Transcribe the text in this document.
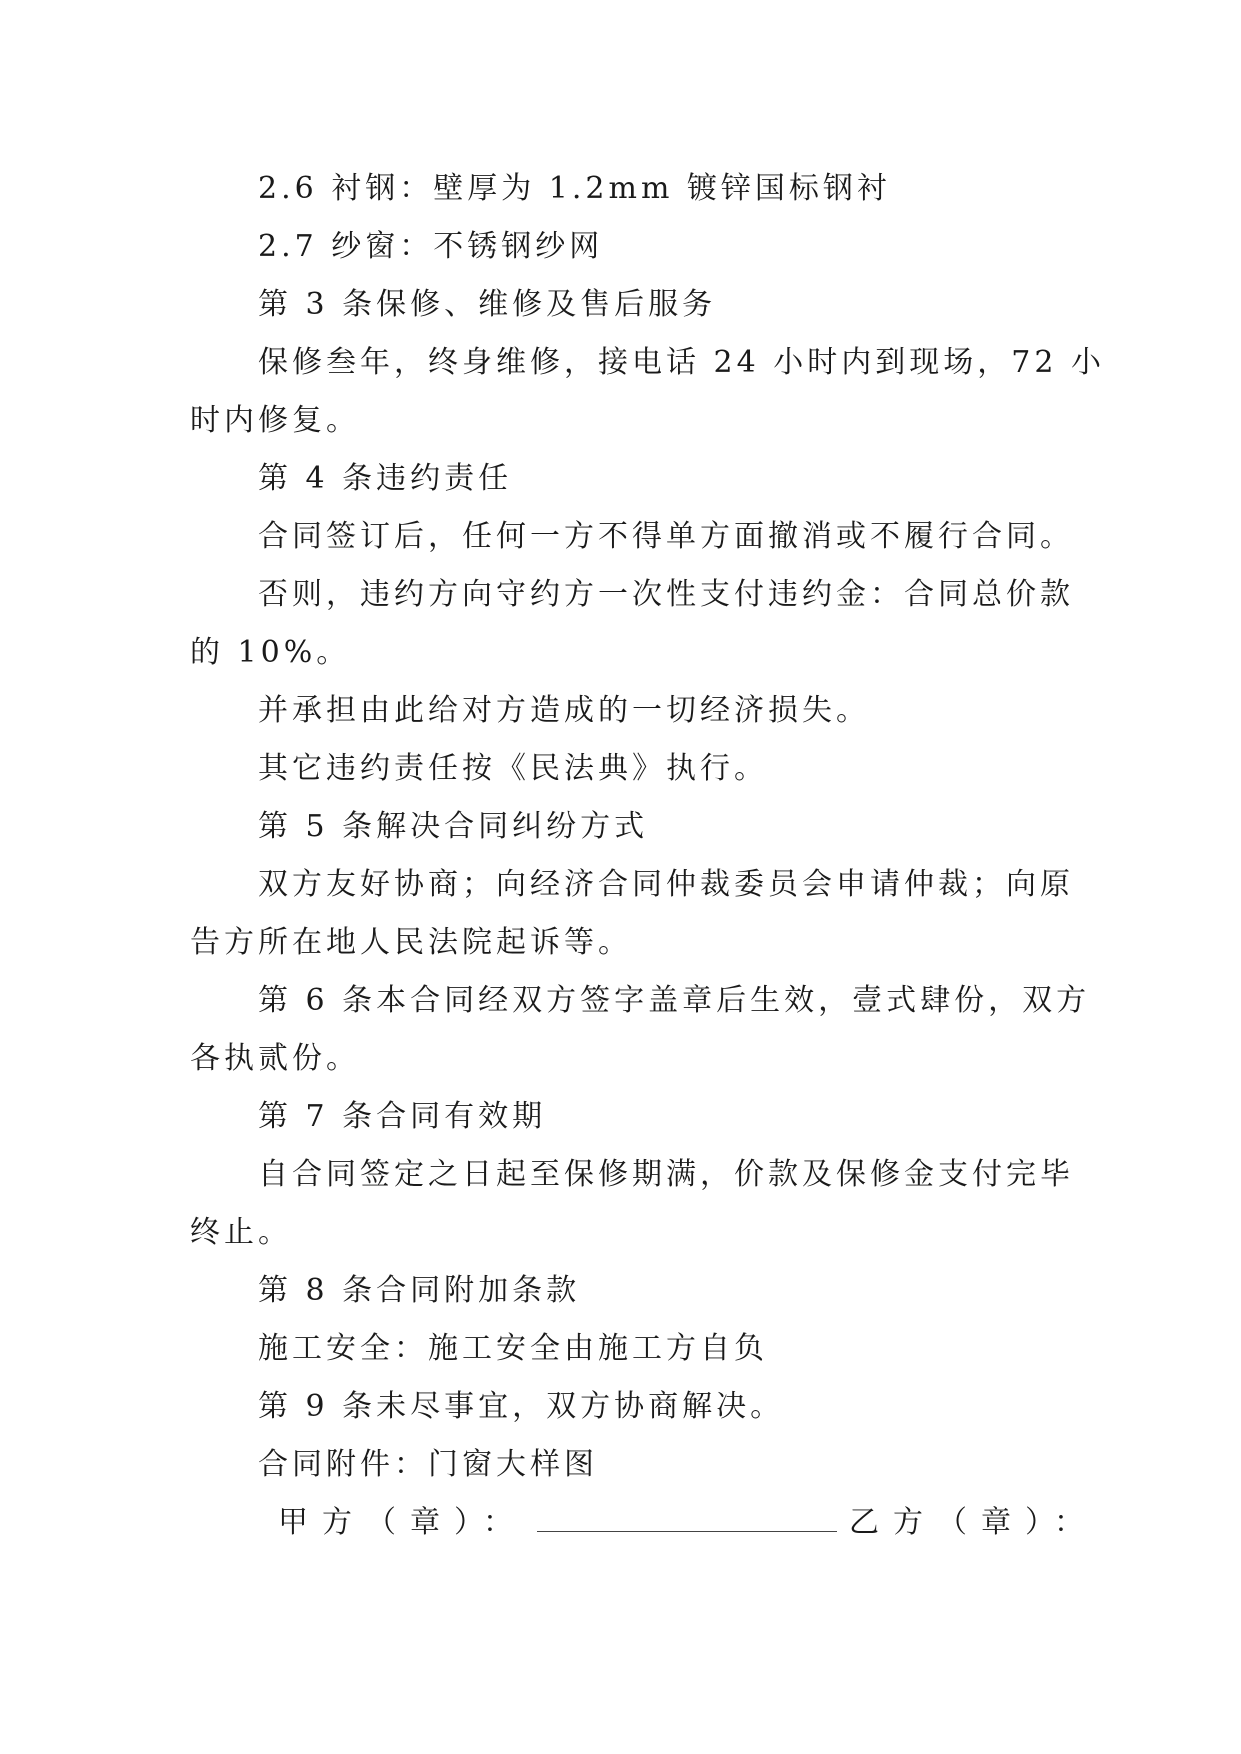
2.6 衬钢：壁厚为 1.2mm 镀锌国标钢衬
2.7 纱窗：不锈钢纱网
第 3 条保修、维修及售后服务
保修叁年，终身维修，接电话 24 小时内到现场，72 小
时内修复。
第 4 条违约责任
合同签订后，任何一方不得单方面撤消或不履行合同。
否则，违约方向守约方一次性支付违约金：合同总价款
的 10%。
并承担由此给对方造成的一切经济损失。
其它违约责任按《民法典》执行。
第 5 条解决合同纠纷方式
双方友好协商；向经济合同仲裁委员会申请仲裁；向原
告方所在地人民法院起诉等。
第 6 条本合同经双方签字盖章后生效，壹式肆份，双方
各执贰份。
第 7 条合同有效期
自合同签定之日起至保修期满，价款及保修金支付完毕
终止。
第 8 条合同附加条款
施工安全：施工安全由施工方自负
第 9 条未尽事宜，双方协商解决。
合同附件：门窗大样图
甲方（章）：	乙方（章）：
